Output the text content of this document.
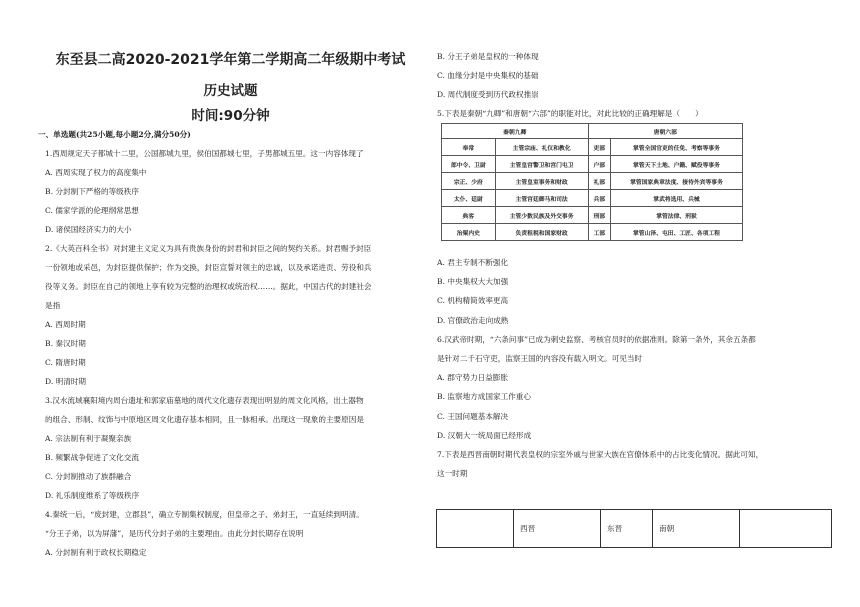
东至县二高2020-2021学年第二学期高二年级期中考试
历史试题
时间:90分钟
一、单选题(共25小题,每小题2分,满分50分)
1.西周规定天子都城十二里，公国都城九里，侯伯国都城七里，子男都城五里。这一内容体现了
A. 西周实现了权力的高度集中
B. 分封制下严格的等级秩序
C. 儒家学派的伦理纲常思想
D. 诸侯国经济实力的大小
2.《大英百科全书》对封建主义定义为具有贵族身份的封君和封臣之间的契约关系。封君赐予封臣
一份领地或采邑，为封臣提供保护；作为交换，封臣宣誓对领主的忠诚，以及承诺进贡、劳役和兵
役等义务。封臣在自己的领地上享有较为完整的治理权或统治权……。据此，中国古代的封建社会
是指
A. 西周时期
B. 秦汉时期
C. 隋唐时期
D. 明清时期
3.汉水流域襄阳境内周台遗址和郭家庙墓地的周代文化遗存表现出明显的周文化风格，出土器物
的组合、形制、纹饰与中原地区周文化遗存基本相同，且一脉相承。出现这一现象的主要原因是
A. 宗法制有利于凝聚亲族
B. 频繁战争促进了文化交流
C. 分封制推动了族群融合
D. 礼乐制度维系了等级秩序
4.秦统一后，“废封建，立郡县”，确立专制集权制度，但皇帝之子、弟封王，一直延续到明清。
“分王子弟，以为屏藩”，是历代分封子弟的主要理由。由此分封长期存在说明
A. 分封制有利于政权长期稳定
B. 分王子弟是皇权的一种体现
C. 血缘分封是中央集权的基础
D. 周代制度受到历代政权推崇
5.下表是秦朝“九卿”和唐朝“六部”的职能对比，对此比较的正确理解是（　　）
秦朝九卿		唐朝六部	
奉常	主管宗庙、礼仪和教化	吏部	掌管全国官吏的任免、考察等事务
郎中令、卫尉	主管皇宫警卫和宫门屯卫	户部	掌管天下土地、户籍、赋役等事务
宗正、少府	主管皇室事务和财政	礼部	掌管国家典章法度、接待外宾等事务
太仆、廷尉	主管宫廷御马和司法	兵部	掌武将选用、兵械
典客	主管少数民族及外交事务	刑部	掌管法律、刑狱
治粟内史	负责租税和国家财政	工部	掌管山泽、屯田、工匠、各项工程
A. 君主专制不断强化
B. 中央集权大大加强
C. 机构精简效率更高
D. 官僚政治走向成熟
6.汉武帝时期，“六条问事”已成为刺史监察、考核官员时的依据准则。除第一条外，其余五条都
是针对二千石守吏，监察王国的内容没有载入明文。可见当时
A. 郡守势力日益膨胀
B. 监察地方成国家工作重心
C. 王国问题基本解决
D. 汉朝大一统局面已经形成
7.下表是西晋南朝时期代表皇权的宗室外戚与世家大族在官僚体系中的占比变化情况。据此可知，
这一时期
	西晋	东晋	南朝	
